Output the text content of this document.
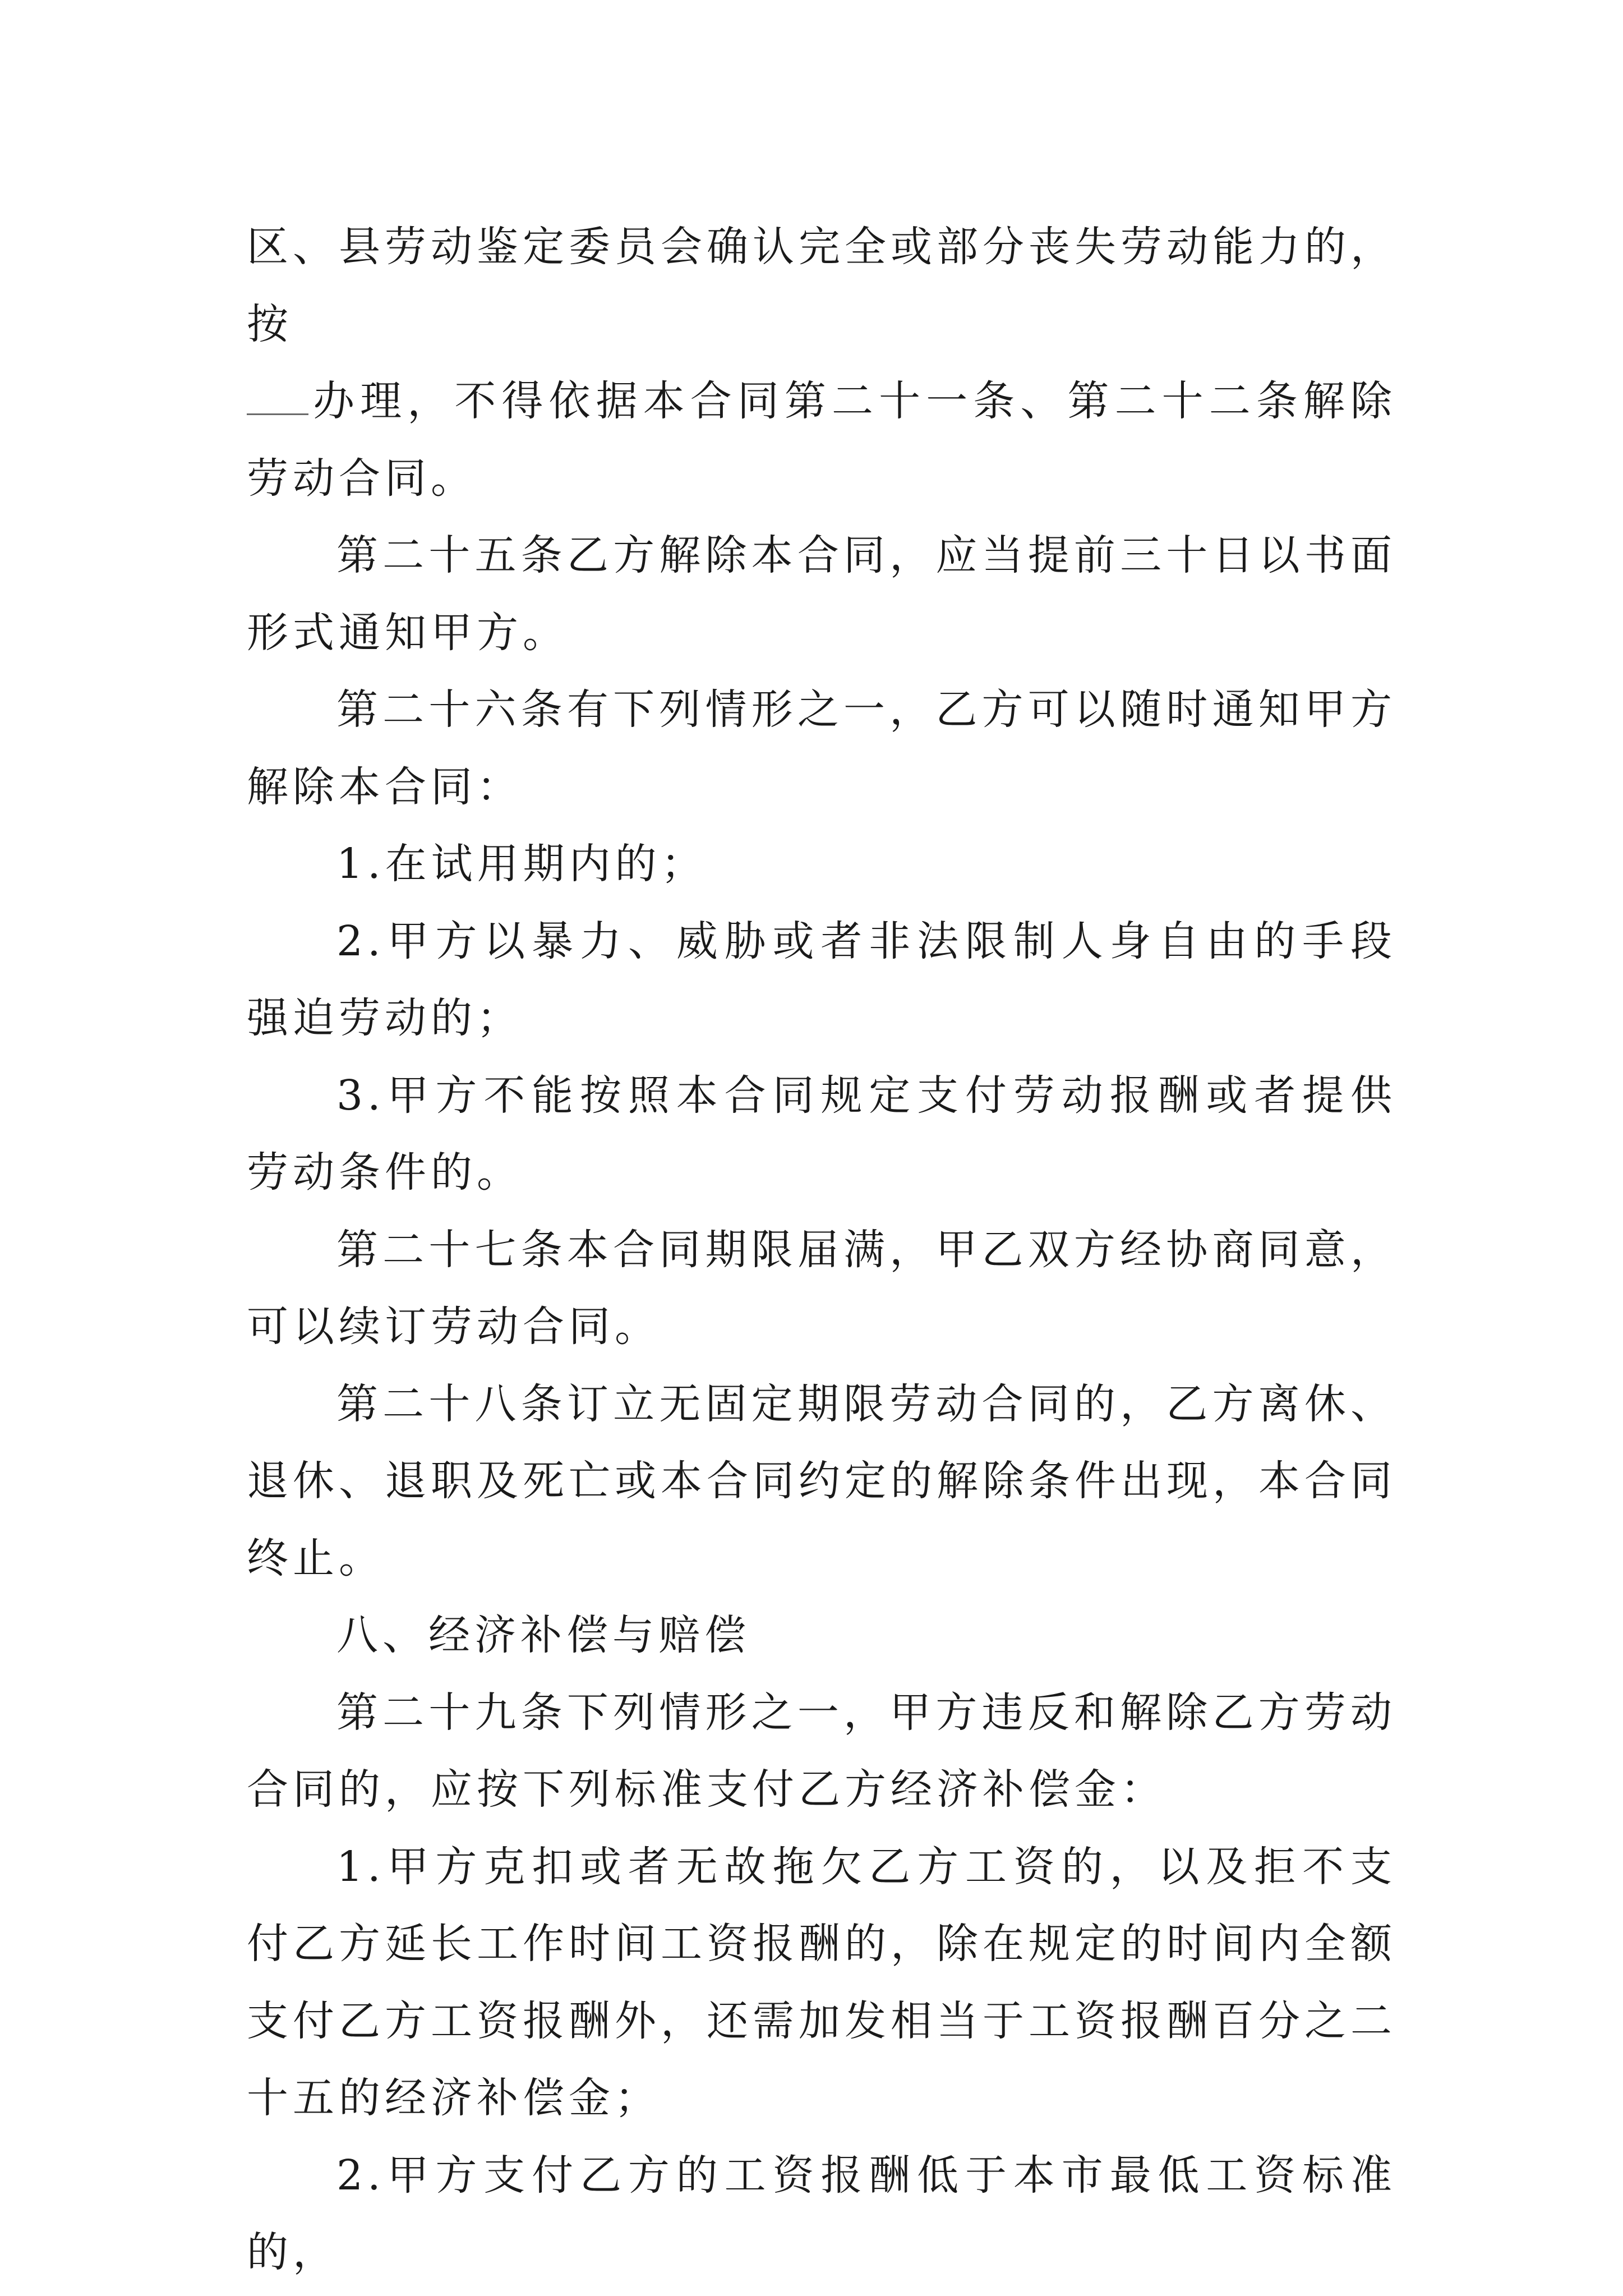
区、县劳动鉴定委员会确认完全或部分丧失劳动能力的，按
办理，不得依据本合同第二十一条、第二十二条解除劳动合同。

第二十五条乙方解除本合同，应当提前三十日以书面形式通知甲方。

第二十六条有下列情形之一，乙方可以随时通知甲方解除本合同：

1.在试用期内的；

2.甲方以暴力、威胁或者非法限制人身自由的手段强迫劳动的；

3.甲方不能按照本合同规定支付劳动报酬或者提供劳动条件的。

第二十七条本合同期限届满，甲乙双方经协商同意，可以续订劳动合同。

第二十八条订立无固定期限劳动合同的，乙方离休、退休、退职及死亡或本合同约定的解除条件出现，本合同终止。

八、经济补偿与赔偿

第二十九条下列情形之一，甲方违反和解除乙方劳动合同的，应按下列标准支付乙方经济补偿金：

1.甲方克扣或者无故拖欠乙方工资的，以及拒不支付乙方延长工作时间工资报酬的，除在规定的时间内全额支付乙方工资报酬外，还需加发相当于工资报酬百分之二十五的经济补偿金；

2.甲方支付乙方的工资报酬低于本市最低工资标准的，
